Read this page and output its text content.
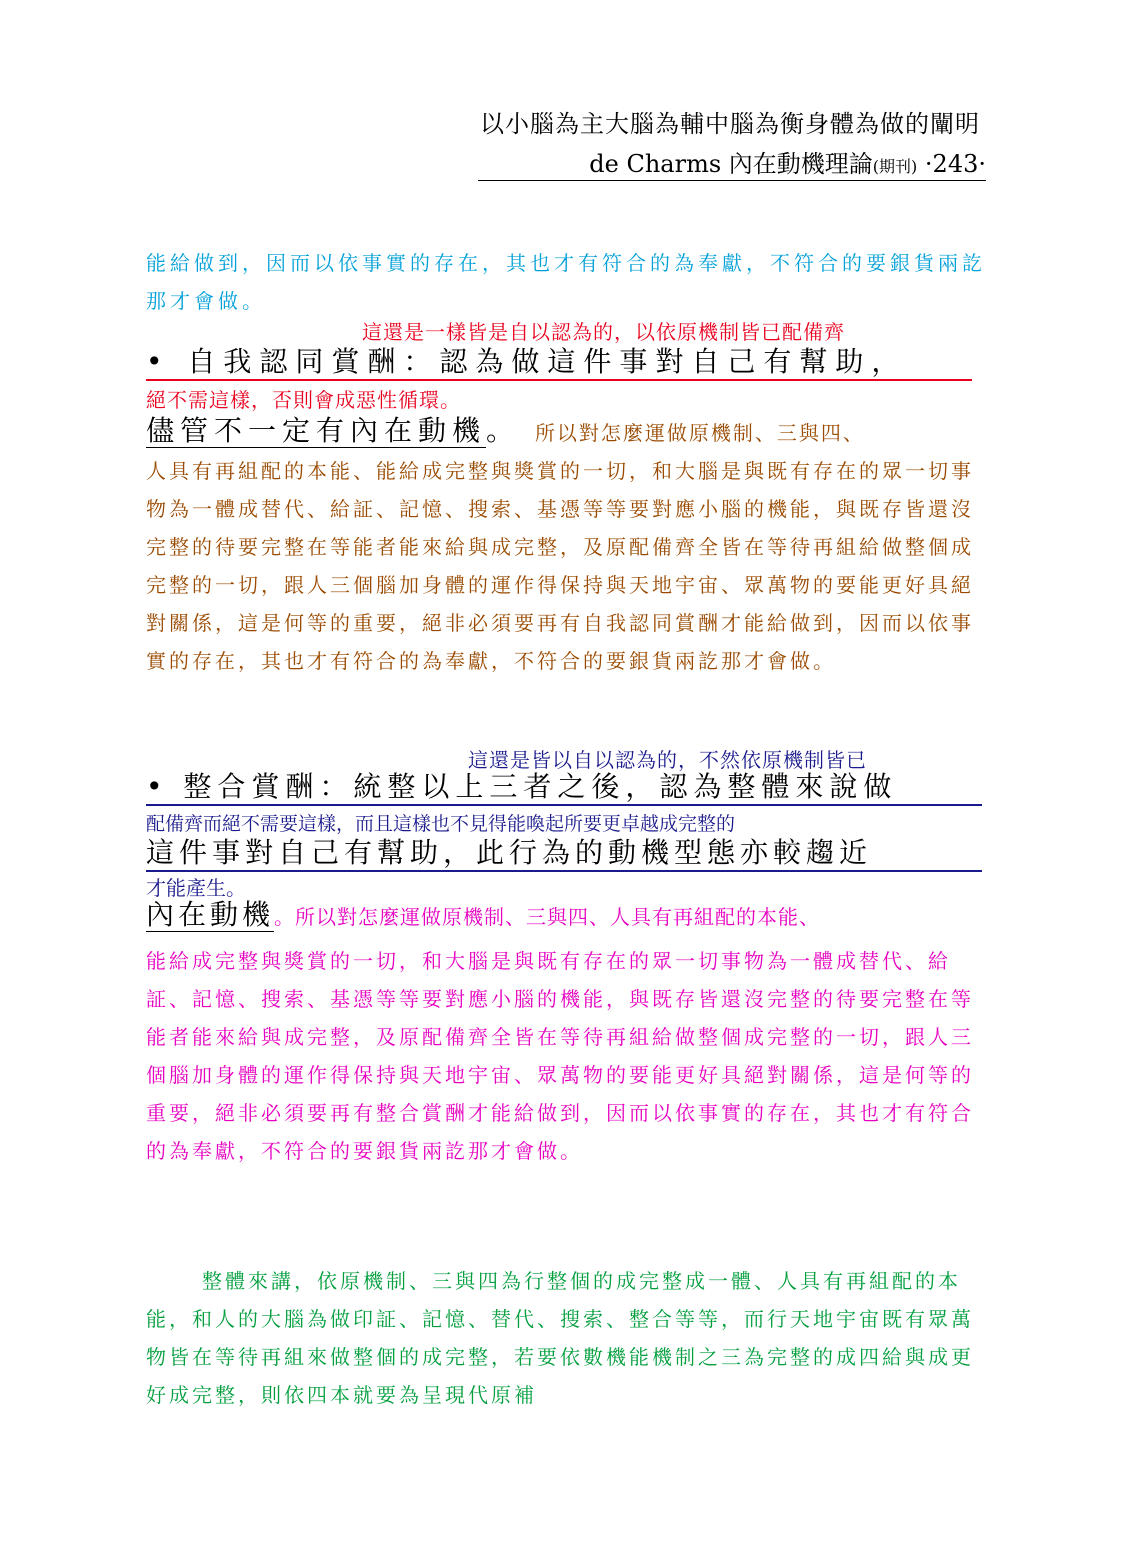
以小腦為主大腦為輔中腦為衡身體為做的闡明
de Charms 內在動機理論(期刊) ·243·

能給做到，因而以依事實的存在，其也才有符合的為奉獻，不符合的要銀貨兩訖那才會做。

這還是一樣皆是自以認為的，以依原機制皆已配備齊
• 自我認同賞酬：認為做這件事對自己有幫助，
絕不需這樣，否則會成惡性循環。
儘管不一定有內在動機。 所以對怎麼運做原機制、三與四、

人具有再組配的本能、能給成完整與獎賞的一切，和大腦是與既有存在的眾一切事物為一體成替代、給証、記憶、搜索、基憑等等要對應小腦的機能，與既存皆還沒完整的待要完整在等能者能來給與成完整，及原配備齊全皆在等待再組給做整個成完整的一切，跟人三個腦加身體的運作得保持與天地宇宙、眾萬物的要能更好具絕對關係，這是何等的重要，絕非必須要再有自我認同賞酬才能給做到，因而以依事實的存在，其也才有符合的為奉獻，不符合的要銀貨兩訖那才會做。

這還是皆以自以認為的，不然依原機制皆已
• 整合賞酬：統整以上三者之後，認為整體來說做
配備齊而絕不需要這樣，而且這樣也不見得能喚起所要更卓越成完整的
這件事對自己有幫助，此行為的動機型態亦較趨近
才能產生。
內在動機。所以對怎麼運做原機制、三與四、人具有再組配的本能、

能給成完整與獎賞的一切，和大腦是與既有存在的眾一切事物為一體成替代、給証、記憶、搜索、基憑等等要對應小腦的機能，與既存皆還沒完整的待要完整在等能者能來給與成完整，及原配備齊全皆在等待再組給做整個成完整的一切，跟人三個腦加身體的運作得保持與天地宇宙、眾萬物的要能更好具絕對關係，這是何等的重要，絕非必須要再有整合賞酬才能給做到，因而以依事實的存在，其也才有符合的為奉獻，不符合的要銀貨兩訖那才會做。

整體來講，依原機制、三與四為行整個的成完整成一體、人具有再組配的本能，和人的大腦為做印証、記憶、替代、搜索、整合等等，而行天地宇宙既有眾萬物皆在等待再組來做整個的成完整，若要依數機能機制之三為完整的成四給與成更好成完整，則依四本就要為呈現代原補
